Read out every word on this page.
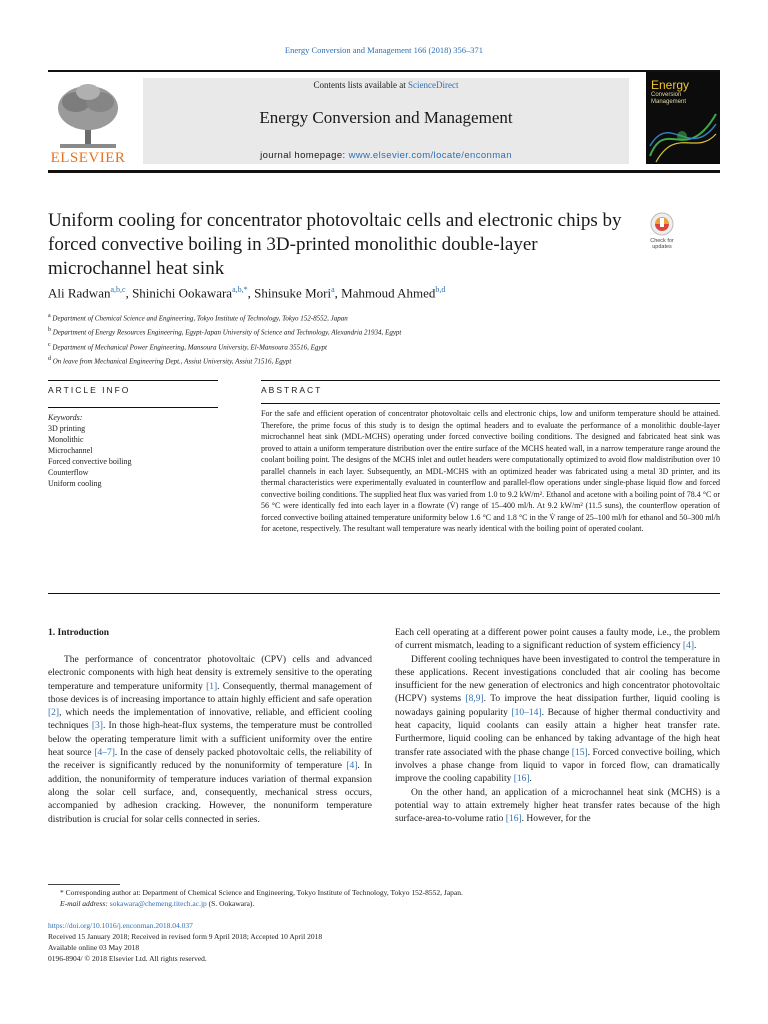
Energy Conversion and Management 166 (2018) 356–371
ELSEVIER
Contents lists available at ScienceDirect
Energy Conversion and Management
journal homepage: www.elsevier.com/locate/enconman
Energy
Conversion
Management
Uniform cooling for concentrator photovoltaic cells and electronic chips by forced convective boiling in 3D-printed monolithic double-layer microchannel heat sink
Check for
updates
Ali Radwan$^{a,b,c}$, Shinichi Ookawara$^{a,b,*}$, Shinsuke Mori$^a$, Mahmoud Ahmed$^{b,d}$
$^a$ Department of Chemical Science and Engineering, Tokyo Institute of Technology, Tokyo 152-8552, Japan
$^b$ Department of Energy Resources Engineering, Egypt-Japan University of Science and Technology, Alexandria 21934, Egypt
$^c$ Department of Mechanical Power Engineering, Mansoura University, El-Mansoura 35516, Egypt
$^d$ On leave from Mechanical Engineering Dept., Assiut University, Assiut 71516, Egypt
ARTICLE INFO	ABSTRACT
Keywords:
3D printing
Monolithic
Microchannel
Forced convective boiling
Counterflow
Uniform cooling
For the safe and efficient operation of concentrator photovoltaic cells and electronic chips, low and uniform temperature should be attained. Therefore, the prime focus of this study is to design the optimal headers and to evaluate the performance of a monolithic double-layer microchannel heat sink (MDL-MCHS) operating under forced convective boiling conditions. The designed and fabricated heat sink was proved to attain a uniform temperature distribution over the entire surface of the MCHS heated wall, in a narrow temperature range around the coolant boiling point. The designs of the MCHS inlet and outlet headers were computationally optimized to avoid flow maldistribution over 10 parallel channels in each layer. Subsequently, an MDL-MCHS with an optimized header was fabricated using a metal 3D printer, and its thermal characteristics were experimentally evaluated in counterflow and parallel-flow operations under single-phase liquid flow and forced convective boiling conditions. The supplied heat flux was varied from 1.0 to 9.2 kW/m². Ethanol and acetone with a boiling point of 78.4 °C or 56 °C were identically fed into each layer in a flowrate (V̇) range of 15–400 ml/h. At 9.2 kW/m² (11.5 suns), the counterflow operation of forced convective boiling attained temperature uniformity below 1.6 °C and 1.8 °C in the V̇ range of 25–100 ml/h for ethanol and 50–300 ml/h for acetone, respectively. The resultant wall temperature was nearly identical with the boiling point of operated coolant.
1. Introduction

The performance of concentrator photovoltaic (CPV) cells and advanced electronic components with high heat density is extremely sensitive to the operating temperature and temperature uniformity [1]. Consequently, thermal management of those devices is of increasing importance to attain highly efficient and safe operation [2], which needs the implementation of innovative, reliable, and efficient cooling techniques [3]. In those high-heat-flux systems, the temperature must be controlled below the operating temperature limit with a sufficient uniformity over the entire heat source [4–7]. In the case of densely packed photovoltaic cells, the reliability of the receiver is significantly reduced by the nonuniformity of temperature [4]. In addition, the nonuniformity of temperature induces variation of thermal expansion along the solar cell surface, and, consequently, mechanical stress occurs, accompanied by adhesion cracking. However, the nonuniform temperature distribution is crucial for solar cells connected in series.

Each cell operating at a different power point causes a faulty mode, i.e., the problem of current mismatch, leading to a significant reduction of system efficiency [4].

Different cooling techniques have been investigated to control the temperature in these applications. Recent investigations concluded that air cooling has become insufficient for the new generation of electronics and high concentrator photovoltaic (HCPV) systems [8,9]. To improve the heat dissipation further, liquid cooling is nowadays gaining popularity [10–14]. Because of higher thermal conductivity and heat capacity, liquid coolants can easily attain a higher heat transfer rate. Furthermore, liquid cooling can be enhanced by taking advantage of the high heat transfer rate associated with the phase change [15]. Forced convective boiling, which involves a phase change from liquid to vapor in forced flow, can dramatically improve the cooling capability [16].

On the other hand, an application of a microchannel heat sink (MCHS) is a potential way to attain extremely higher heat transfer rates because of the high surface-area-to-volume ratio [16]. However, for the

* Corresponding author at: Department of Chemical Science and Engineering, Tokyo Institute of Technology, Tokyo 152-8552, Japan.
E-mail address: sokawara@chemeng.titech.ac.jp (S. Ookawara).
https://doi.org/10.1016/j.enconman.2018.04.037
Received 15 January 2018; Received in revised form 9 April 2018; Accepted 10 April 2018
Available online 03 May 2018
0196-8904/ © 2018 Elsevier Ltd. All rights reserved.
